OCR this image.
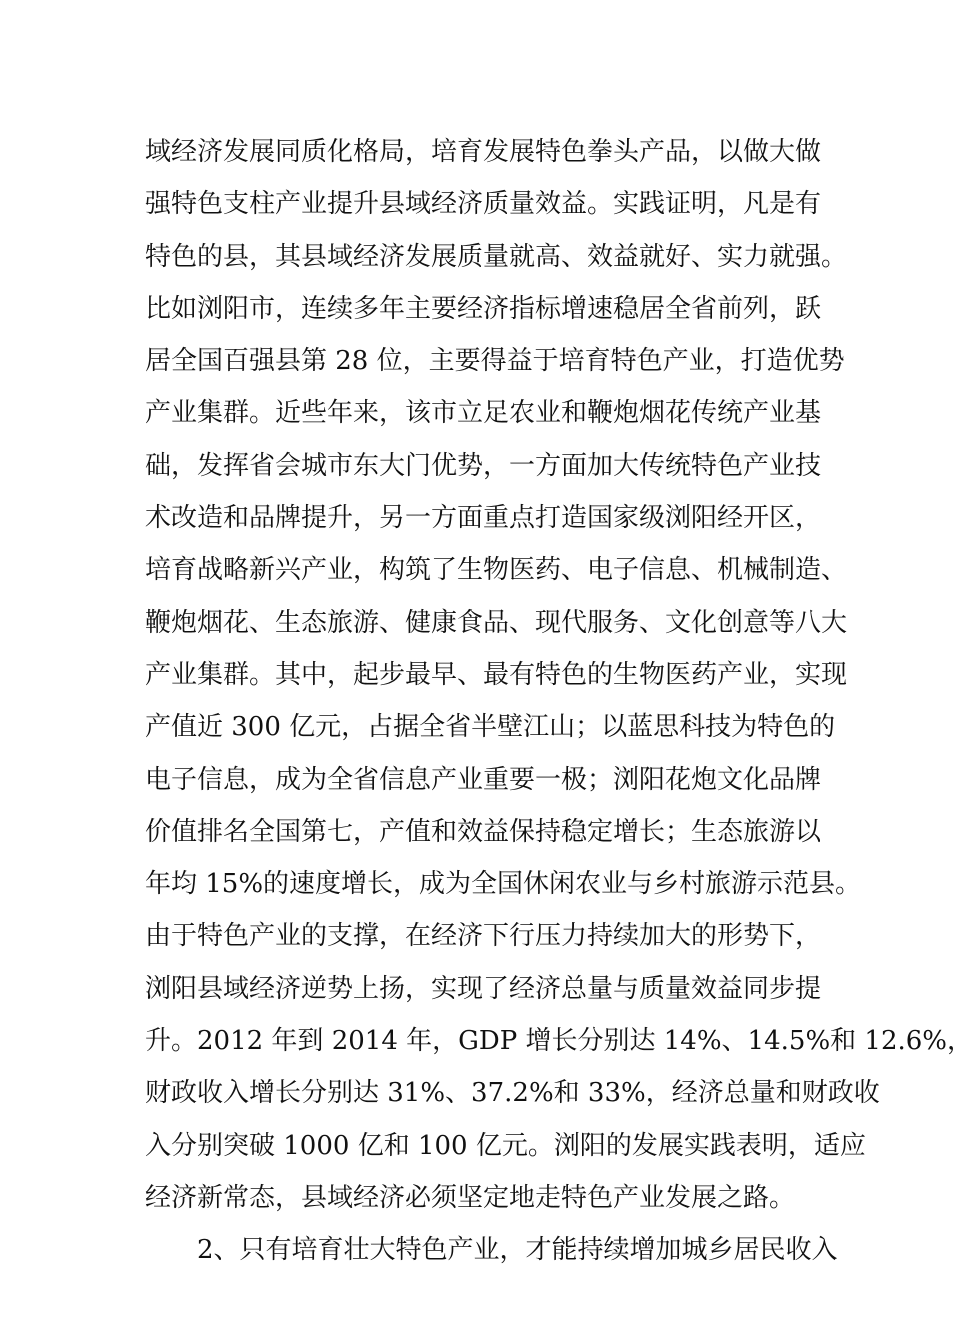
域经济发展同质化格局，培育发展特色拳头产品，以做大做
强特色支柱产业提升县域经济质量效益。实践证明，凡是有
特色的县，其县域经济发展质量就高、效益就好、实力就强。
比如浏阳市，连续多年主要经济指标增速稳居全省前列，跃
居全国百强县第 28 位，主要得益于培育特色产业，打造优势
产业集群。近些年来，该市立足农业和鞭炮烟花传统产业基
础，发挥省会城市东大门优势，一方面加大传统特色产业技
术改造和品牌提升，另一方面重点打造国家级浏阳经开区，
培育战略新兴产业，构筑了生物医药、电子信息、机械制造、
鞭炮烟花、生态旅游、健康食品、现代服务、文化创意等八大
产业集群。其中，起步最早、最有特色的生物医药产业，实现
产值近 300 亿元，占据全省半壁江山；以蓝思科技为特色的
电子信息，成为全省信息产业重要一极；浏阳花炮文化品牌
价值排名全国第七，产值和效益保持稳定增长；生态旅游以
年均 15%的速度增长，成为全国休闲农业与乡村旅游示范县。
由于特色产业的支撑，在经济下行压力持续加大的形势下，
浏阳县域经济逆势上扬，实现了经济总量与质量效益同步提
升。2012 年到 2014 年，GDP 增长分别达 14%、14.5%和 12.6%，
财政收入增长分别达 31%、37.2%和 33%，经济总量和财政收
入分别突破 1000 亿和 100 亿元。浏阳的发展实践表明，适应
经济新常态，县域经济必须坚定地走特色产业发展之路。
2、只有培育壮大特色产业，才能持续增加城乡居民收入
